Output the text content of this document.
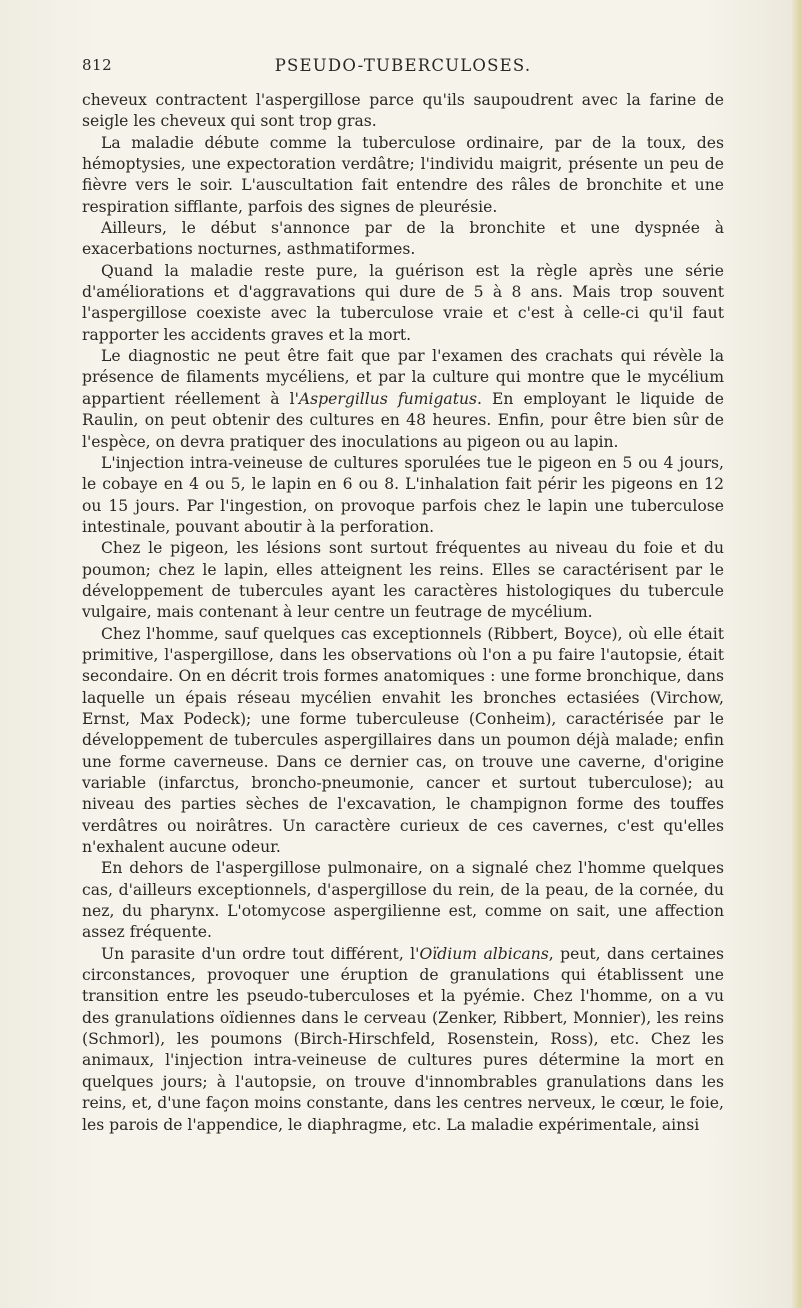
812	PSEUDO-TUBERCULOSES.

cheveux contractent l'aspergillose parce qu'ils saupoudrent avec la farine de seigle les cheveux qui sont trop gras.

La maladie débute comme la tuberculose ordinaire, par de la toux, des hémoptysies, une expectoration verdâtre; l'individu maigrit, présente un peu de fièvre vers le soir. L'auscultation fait entendre des râles de bronchite et une respiration sifflante, parfois des signes de pleurésie.

Ailleurs, le début s'annonce par de la bronchite et une dyspnée à exacerbations nocturnes, asthmatiformes.

Quand la maladie reste pure, la guérison est la règle après une série d'améliorations et d'aggravations qui dure de 5 à 8 ans. Mais trop souvent l'aspergillose coexiste avec la tuberculose vraie et c'est à celle-ci qu'il faut rapporter les accidents graves et la mort.

Le diagnostic ne peut être fait que par l'examen des crachats qui révèle la présence de filaments mycéliens, et par la culture qui montre que le mycélium appartient réellement à l'Aspergillus fumigatus. En employant le liquide de Raulin, on peut obtenir des cultures en 48 heures. Enfin, pour être bien sûr de l'espèce, on devra pratiquer des inoculations au pigeon ou au lapin.

L'injection intra-veineuse de cultures sporulées tue le pigeon en 5 ou 4 jours, le cobaye en 4 ou 5, le lapin en 6 ou 8. L'inhalation fait périr les pigeons en 12 ou 15 jours. Par l'ingestion, on provoque parfois chez le lapin une tuberculose intestinale, pouvant aboutir à la perforation.

Chez le pigeon, les lésions sont surtout fréquentes au niveau du foie et du poumon; chez le lapin, elles atteignent les reins. Elles se caractérisent par le développement de tubercules ayant les caractères histologiques du tubercule vulgaire, mais contenant à leur centre un feutrage de mycélium.

Chez l'homme, sauf quelques cas exceptionnels (Ribbert, Boyce), où elle était primitive, l'aspergillose, dans les observations où l'on a pu faire l'autopsie, était secondaire. On en décrit trois formes anatomiques : une forme bronchique, dans laquelle un épais réseau mycélien envahit les bronches ectasiées (Virchow, Ernst, Max Podeck); une forme tuberculeuse (Conheim), caractérisée par le développement de tubercules aspergillaires dans un poumon déjà malade; enfin une forme caverneuse. Dans ce dernier cas, on trouve une caverne, d'origine variable (infarctus, broncho-pneumonie, cancer et surtout tuberculose); au niveau des parties sèches de l'excavation, le champignon forme des touffes verdâtres ou noirâtres. Un caractère curieux de ces cavernes, c'est qu'elles n'exhalent aucune odeur.

En dehors de l'aspergillose pulmonaire, on a signalé chez l'homme quelques cas, d'ailleurs exceptionnels, d'aspergillose du rein, de la peau, de la cornée, du nez, du pharynx. L'otomycose aspergilienne est, comme on sait, une affection assez fréquente.

Un parasite d'un ordre tout différent, l'Oïdium albicans, peut, dans certaines circonstances, provoquer une éruption de granulations qui établissent une transition entre les pseudo-tuberculoses et la pyémie. Chez l'homme, on a vu des granulations oïdiennes dans le cerveau (Zenker, Ribbert, Monnier), les reins (Schmorl), les poumons (Birch-Hirschfeld, Rosenstein, Ross), etc. Chez les animaux, l'injection intra-veineuse de cultures pures détermine la mort en quelques jours; à l'autopsie, on trouve d'innombrables granulations dans les reins, et, d'une façon moins constante, dans les centres nerveux, le cœur, le foie, les parois de l'appendice, le diaphragme, etc. La maladie expérimentale, ainsi
